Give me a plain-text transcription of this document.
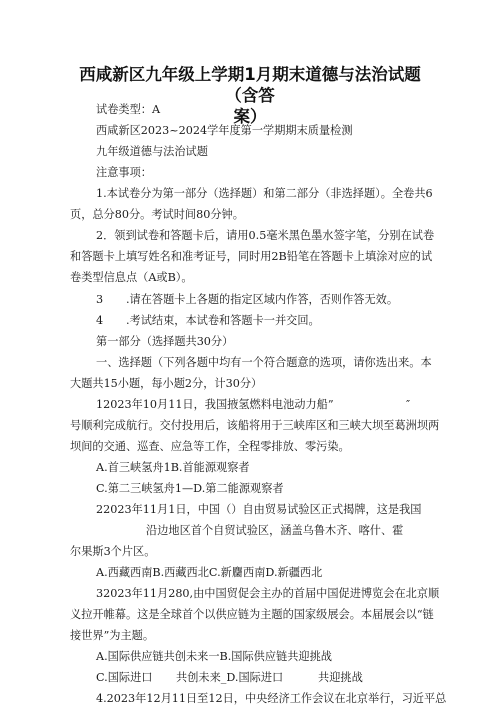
西咸新区九年级上学期1月期末道德与法治试题（含答
案）
试卷类型：A
西咸新区2023~2024学年度第一学期期末质量检测
九年级道德与法治试题
注意事项：
1.本试卷分为第一部分（选择题）和第二部分（非选择题）。全卷共6
页，总分80分。考试时间80分钟。
2．领到试卷和答题卡后，请用0.5毫米黑色墨水签字笔，分别在试卷
和答题卡上填写姓名和准考证号，同时用2B铅笔在答题卡上填涂对应的试
卷类型信息点（A或B）。
3 .请在答题卡上各题的指定区域内作答，否则作答无效。
4 .考试结束，本试卷和答题卡一并交回。
第一部分（选择题共30分）
一、选择题（下列各题中均有一个符合题意的选项，请你选出来。本
大题共15小题，每小题2分，计30分）
12023年10月11日，我国掖氢燃料电池动力船”	″
号顺利完成航行。交付投用后，该船将用于三峡库区和三峡大坝至葛洲坝两
坝间的交通、巡查、应急等工作，全程零排放、零污染。
A.首三峡氢舟1B.首能源观察者
C.第二三峡氢舟1—D.第二能源观察者
22023年11月1日，中国（）自由贸易试验区正式揭牌，这是我国
沿边地区首个自贸试验区，涵盖乌鲁木齐、喀什、霍
尔果斯3个片区。
A.西藏西南B.西藏西北C.新麕西南D.新疆西北
32023年11月280,由中国贸促会主办的首届中国促进博览会在北京顺
义拉开帷幕。这是全球首个以供应链为主题的国家级展会。本届展会以“链
接世界”为主题。
A.国际供应链共创未来一B.国际供应链共迎挑战
C.国际进口 共创未来_D.国际进口	共迎挑战
4.2023年12月11日至12日，中央经济工作会议在北京举行，习近平总
